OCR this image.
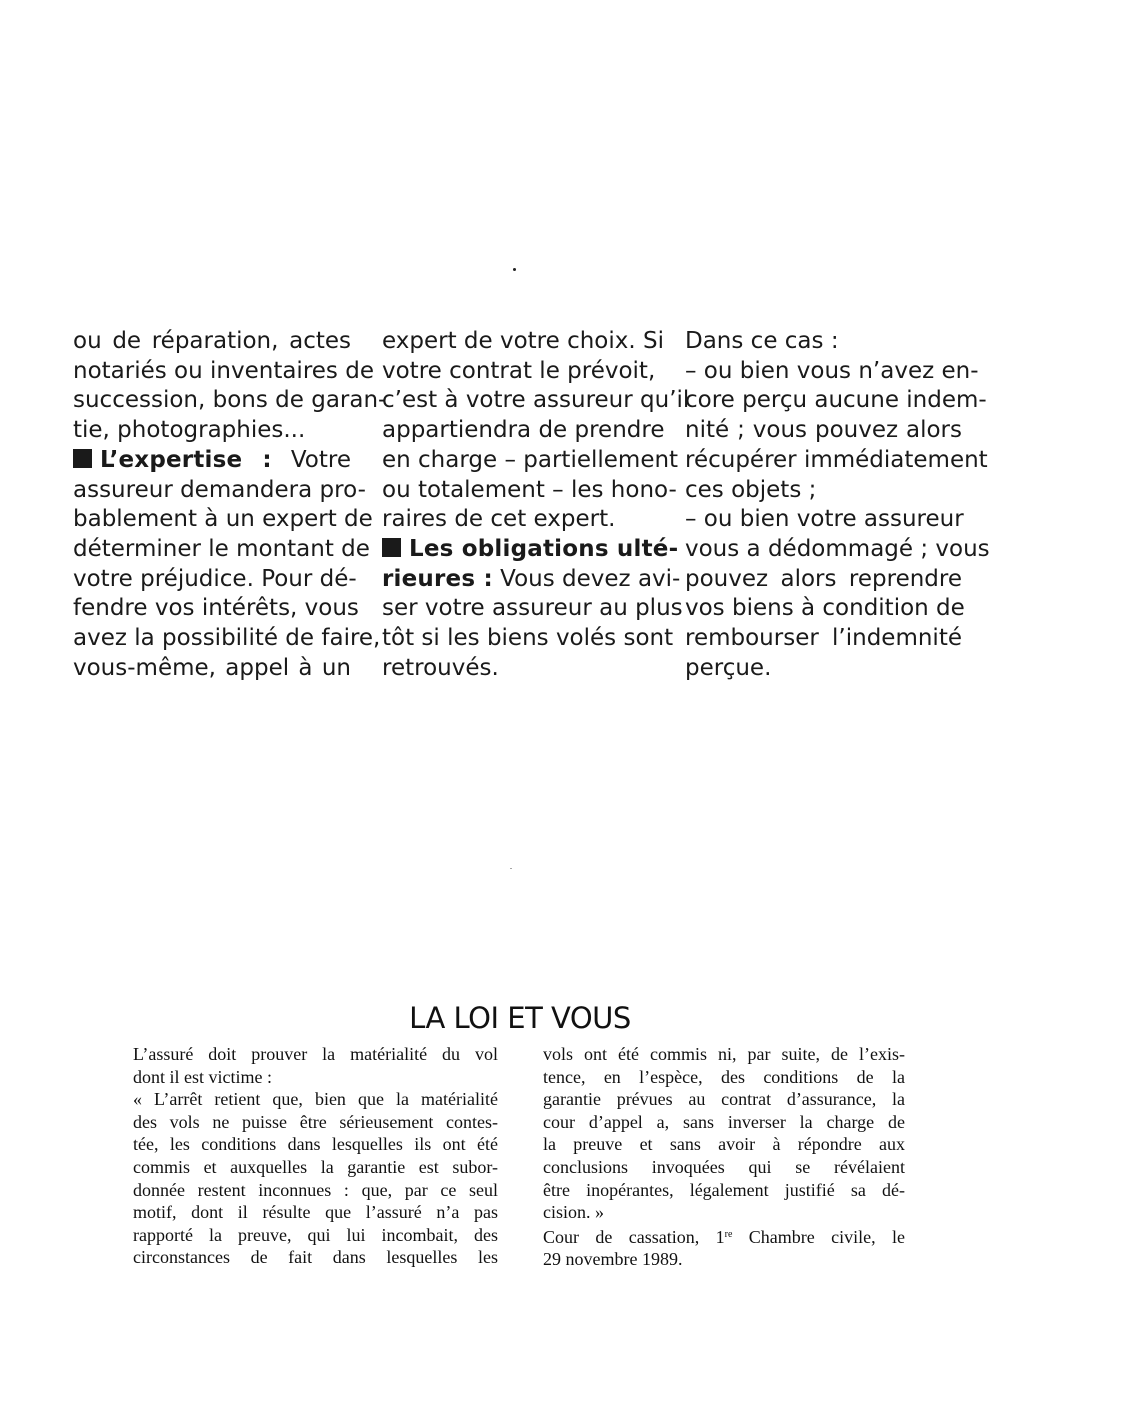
ou de réparation, actes
notariés ou inventaires de
succession, bons de garan-
tie, photographies...
L’expertise : Votre
assureur demandera pro-
bablement à un expert de
déterminer le montant de
votre préjudice. Pour dé-
fendre vos intérêts, vous
avez la possibilité de faire,
vous-même, appel à un
expert de votre choix. Si
votre contrat le prévoit,
c’est à votre assureur qu’il
appartiendra de prendre
en charge – partiellement
ou totalement – les hono-
raires de cet expert.
Les obligations ulté-
rieures : Vous devez avi-
ser votre assureur au plus
tôt si les biens volés sont
retrouvés.
Dans ce cas :
– ou bien vous n’avez en-
core perçu aucune indem-
nité ; vous pouvez alors
récupérer immédiatement
ces objets ;
– ou bien votre assureur
vous a dédommagé ; vous
pouvez alors reprendre
vos biens à condition de
rembourser l’indemnité
perçue.
LA LOI ET VOUS
L’assuré doit prouver la matérialité du vol
dont il est victime :
« L’arrêt retient que, bien que la matérialité
des vols ne puisse être sérieusement contes-
tée, les conditions dans lesquelles ils ont été
commis et auxquelles la garantie est subor-
donnée restent inconnues : que, par ce seul
motif, dont il résulte que l’assuré n’a pas
rapporté la preuve, qui lui incombait, des
circonstances de fait dans lesquelles les
vols ont été commis ni, par suite, de l’exis-
tence, en l’espèce, des conditions de la
garantie prévues au contrat d’assurance, la
cour d’appel a, sans inverser la charge de
la preuve et sans avoir à répondre aux
conclusions invoquées qui se révélaient
être inopérantes, légalement justifié sa dé-
cision. »
Cour de cassation, 1re Chambre civile, le
29 novembre 1989.
